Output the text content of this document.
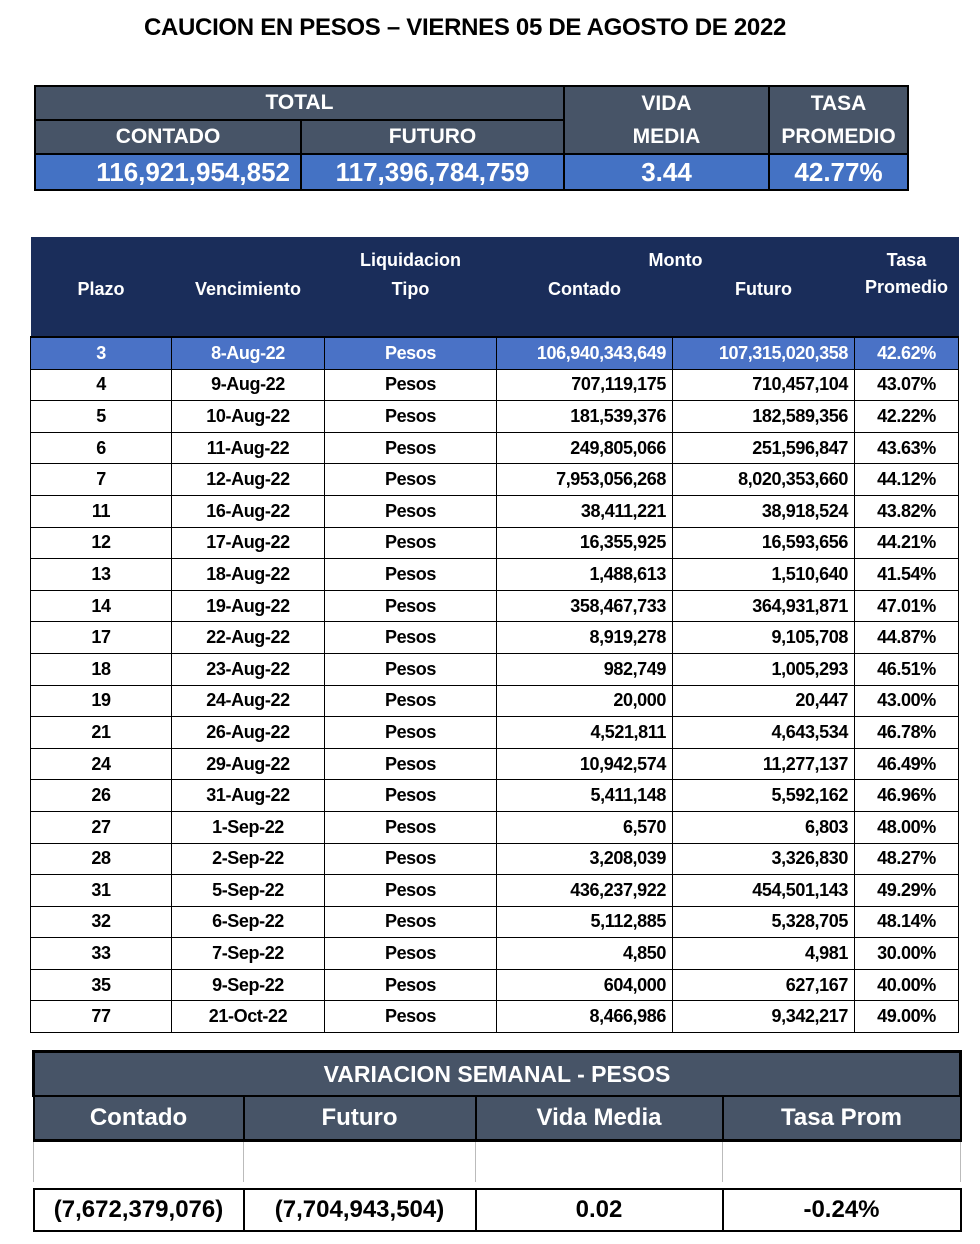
CAUCION EN PESOS – VIERNES 05 DE AGOSTO DE 2022
TOTAL		VIDA	TASA
CONTADO	FUTURO	MEDIA	PROMEDIO
116,921,954,852	117,396,784,759	3.44	42.77%
		Liquidacion	Monto		Tasa
Plazo	Vencimiento	Tipo	Contado	Futuro	Promedio
3	8-Aug-22	Pesos	106,940,343,649	107,315,020,358	42.62%
4	9-Aug-22	Pesos	707,119,175	710,457,104	43.07%
5	10-Aug-22	Pesos	181,539,376	182,589,356	42.22%
6	11-Aug-22	Pesos	249,805,066	251,596,847	43.63%
7	12-Aug-22	Pesos	7,953,056,268	8,020,353,660	44.12%
11	16-Aug-22	Pesos	38,411,221	38,918,524	43.82%
12	17-Aug-22	Pesos	16,355,925	16,593,656	44.21%
13	18-Aug-22	Pesos	1,488,613	1,510,640	41.54%
14	19-Aug-22	Pesos	358,467,733	364,931,871	47.01%
17	22-Aug-22	Pesos	8,919,278	9,105,708	44.87%
18	23-Aug-22	Pesos	982,749	1,005,293	46.51%
19	24-Aug-22	Pesos	20,000	20,447	43.00%
21	26-Aug-22	Pesos	4,521,811	4,643,534	46.78%
24	29-Aug-22	Pesos	10,942,574	11,277,137	46.49%
26	31-Aug-22	Pesos	5,411,148	5,592,162	46.96%
27	1-Sep-22	Pesos	6,570	6,803	48.00%
28	2-Sep-22	Pesos	3,208,039	3,326,830	48.27%
31	5-Sep-22	Pesos	436,237,922	454,501,143	49.29%
32	6-Sep-22	Pesos	5,112,885	5,328,705	48.14%
33	7-Sep-22	Pesos	4,850	4,981	30.00%
35	9-Sep-22	Pesos	604,000	627,167	40.00%
77	21-Oct-22	Pesos	8,466,986	9,342,217	49.00%
VARIACION SEMANAL - PESOS			
Contado	Futuro	Vida Media	Tasa Prom

(7,672,379,076)	(7,704,943,504)	0.02	-0.24%
